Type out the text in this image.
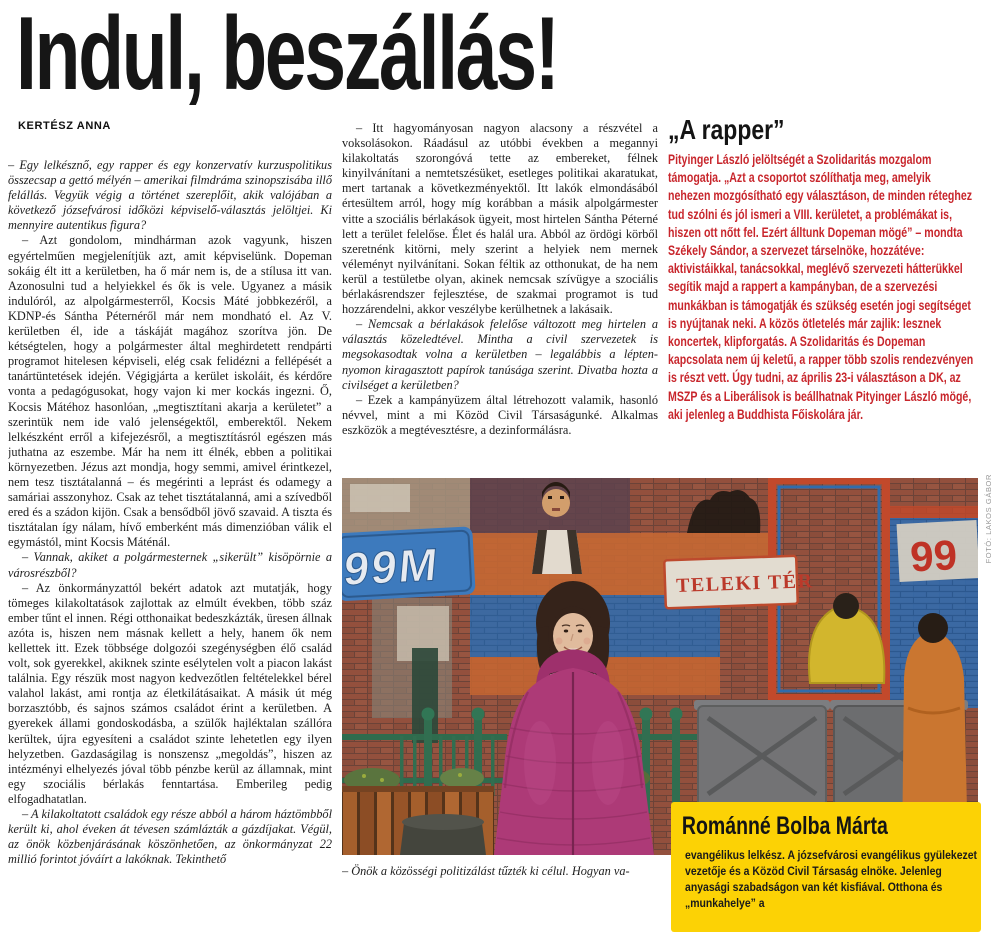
Indul, beszállás!
KERTÉSZ ANNA

– Egy lelkésznő, egy rapper és egy konzervatív kurzuspolitikus összecsap a gettó mélyén – amerikai filmdráma szinopszisába illő felállás. Vegyük végig a történet szereplőit, akik valójában a következő józsefvárosi időközi képviselő-választás jelöltjei. Ki mennyire autentikus figura?

– Azt gondolom, mindhárman azok vagyunk, hiszen egyértelműen megjelenítjük azt, amit képviselünk. Dopeman sokáig élt itt a kerületben, ha ő már nem is, de a stílusa itt van. Azonosulni tud a helyiekkel és ők is vele. Ugyanez a másik indulóról, az alpolgármesterről, Kocsis Máté jobbkezéről, a KDNP-és Sántha Péternéről már nem mondható el. Az V. kerületben él, ide a táskáját magához szorítva jön. De kétségtelen, hogy a polgármester által meghirdetett rendpárti programot hitelesen képviseli, elég csak felidézni a fellépését a tanártüntetések idején. Végigjárta a kerület iskoláit, és kérdőre vonta a pedagógusokat, hogy vajon ki mer kockás ingezni. Ő, Kocsis Mátéhoz hasonlóan, „megtisztítani akarja a kerületet” a szerintük nem ide való jelenségektől, emberektől. Nekem lelkészként erről a kifejezésről, a megtisztításról egészen más juthatna az eszembe. Már ha nem itt élnék, ebben a politikai környezetben. Jézus azt mondja, hogy semmi, amivel érintkezel, nem tesz tisztátalanná – és megérinti a leprást és odamegy a samáriai asszonyhoz. Csak az tehet tisztátalanná, ami a szívedből ered és a szádon kijön. Csak a bensődből jövő szavaid. A tiszta és tisztátalan így nálam, hívő emberként más dimenzióban válik el egymástól, mint Kocsis Máténál.

– Vannak, akiket a polgármesternek „sikerült” kisöpörnie a városrészből?

– Az önkormányzattól bekért adatok azt mutatják, hogy tömeges kilakoltatások zajlottak az elmúlt években, több száz ember tűnt el innen. Régi otthonaikat bedeszkázták, üresen állnak azóta is, hiszen nem másnak kellett a hely, hanem ők nem kellettek itt. Ezek többsége dolgozói szegénységben élő család volt, sok gyerekkel, akiknek szinte esélytelen volt a piacon lakást találnia. Egy részük most nagyon kedvezőtlen feltételekkel bérel valahol lakást, ami rontja az életkilátásaikat. A másik út még borzasztóbb, és sajnos számos családot érint a kerületben. A gyerekek állami gondoskodásba, a szülők hajléktalan szállóra kerültek, újra egyesíteni a családot szinte lehetetlen egy ilyen helyzetben. Gazdaságilag is nonszensz „megoldás”, hiszen az intézményi elhelyezés jóval több pénzbe kerül az államnak, mint egy szociális bérlakás fenntartása. Emberileg pedig elfogadhatatlan.

– A kilakoltatott családok egy része abból a három háztömbből került ki, ahol éveken át tévesen számlázták a gázdíjakat. Végül, az önök közbenjárásának köszönhetően, az önkormányzat 22 millió forintot jóváírt a lakóknak. Tekinthető

– Itt hagyományosan nagyon alacsony a részvétel a voksolásokon. Ráadásul az utóbbi években a megannyi kilakoltatás szorongóvá tette az embereket, félnek kinyilvánítani a nemtetszésüket, esetleges politikai akaratukat, mert tartanak a következményektől. Itt lakók elmondásából értesültem arról, hogy míg korábban a másik alpolgármester vitte a szociális bérlakások ügyeit, most hirtelen Sántha Péterné lett a terület felelőse. Élet és halál ura. Abból az ördögi körből szeretnénk kitörni, mely szerint a helyiek nem mernek véleményt nyilvánítani. Sokan féltik az otthonukat, de ha nem kerül a testületbe olyan, akinek nemcsak szívügye a szociális bérlakásrendszer fejlesztése, de szakmai programot is tud hozzárendelni, akkor veszélybe kerülhetnek a lakásaik.

– Nemcsak a bérlakások felelőse változott meg hirtelen a választás közeledtével. Mintha a civil szervezetek is megsokasodtak volna a kerületben – legalábbis a lépten-nyomon kiragasztott papírok tanúsága szerint. Divatba hozta a civilséget a kerületben?

– Ezek a kampányüzem által létrehozott valamik, hasonló névvel, mint a mi Közöd Civil Társaságunké. Alkalmas eszközök a megtévesztésre, a dezinformálásra.

„A rapper”
Pityinger László jelöltségét a Szolidaritás mozgalom támogatja. „Azt a csoportot szólíthatja meg, amelyik nehezen mozgósítható egy választáson, de minden réteghez tud szólni és jól ismeri a VIII. kerületet, a problémákat is, hiszen ott nőtt fel. Ezért álltunk Dopeman mögé” – mondta Székely Sándor, a szervezet társelnöke, hozzátéve: aktivistáikkal, tanácsokkal, meglévő szervezeti hátterükkel segítik majd a rappert a kampányban, de a szervezési munkákban is támogatják és szükség esetén jogi segítséget is nyújtanak neki. A közös ötletelés már zajlik: lesznek koncertek, klipforgatás. A Szolidaritás és Dopeman kapcsolata nem új keletű, a rapper több szolis rendezvényen is részt vett. Úgy tudni, az április 23-i választáson a DK, az MSZP és a Liberálisok is beállhatnak Pityinger László mögé, aki jelenleg a Buddhista Főiskolára jár.
99M	TELEKI TÉR
99	FOTÓ: LAKOS GÁBOR
– Önök a közösségi politizálást tűzték ki célul. Hogyan va-
Románné Bolba Márta
evangélikus lelkész. A józsefvárosi evangélikus gyülekezet vezetője és a Közöd Civil Társaság elnöke. Jelenleg anyasági szabadságon van két kisfiával. Otthona és „munkahelye” a
